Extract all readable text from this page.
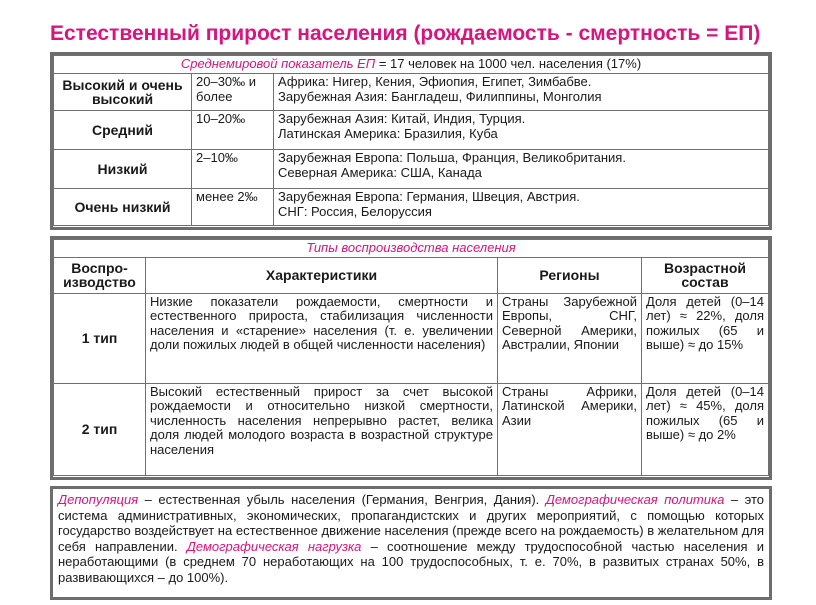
Естественный прирост населения (рождаемость - смертность = ЕП)
Среднемировой показатель ЕП = 17 человек на 1000 чел. населения (17%)		
Высокий и очень высокий	20–30‰ и более	Африка: Нигер, Кения, Эфиопия, Египет, Зимбабве.
Зарубежная Азия: Бангладеш, Филиппины, Монголия

Средний	10–20‰	Зарубежная Азия: Китай, Индия, Турция.
Латинская Америка: Бразилия, Куба

Низкий	2–10‰	Зарубежная Европа: Польша, Франция, Великобритания.
Северная Америка: США, Канада

Очень низкий	менее 2‰	Зарубежная Европа: Германия, Швеция, Австрия.
СНГ: Россия, Белоруссия
Типы воспроизводства населения			
Воспро-изводство	Характеристики	Регионы	Возрастной состав
1 тип	Низкие показатели рождаемости, смертности и естественного прироста, стабилизация численности населения и «старение» населения (т. е. увеличении доли пожилых людей в общей численности населения)	Страны Зарубежной Европы, СНГ, Северной Америки, Австралии, Японии	Доля детей (0–14 лет) ≈ 22%, доля пожилых (65 и выше) ≈ до 15%
2 тип	Высокий естественный прирост за счет высокой рождаемости и относительно низкой смертности, численность населения непрерывно растет, велика доля людей молодого возраста в возрастной структуре населения	Страны Африки, Латинской Америки, Азии	Доля детей (0–14 лет) ≈ 45%, доля пожилых (65 и выше) ≈ до 2%
Депопуляция – естественная убыль населения (Германия, Венгрия, Дания). Демографическая политика – это система административных, экономических, пропагандистских и других мероприятий, с помощью которых государство воздействует на естественное движение населения (прежде всего на рождаемость) в желательном для себя направлении. Демографическая нагрузка – соотношение между трудоспособной частью населения и неработающими (в среднем 70 неработающих на 100 трудоспособных, т. е. 70%, в развитых странах 50%, в развивающихся – до 100%).
